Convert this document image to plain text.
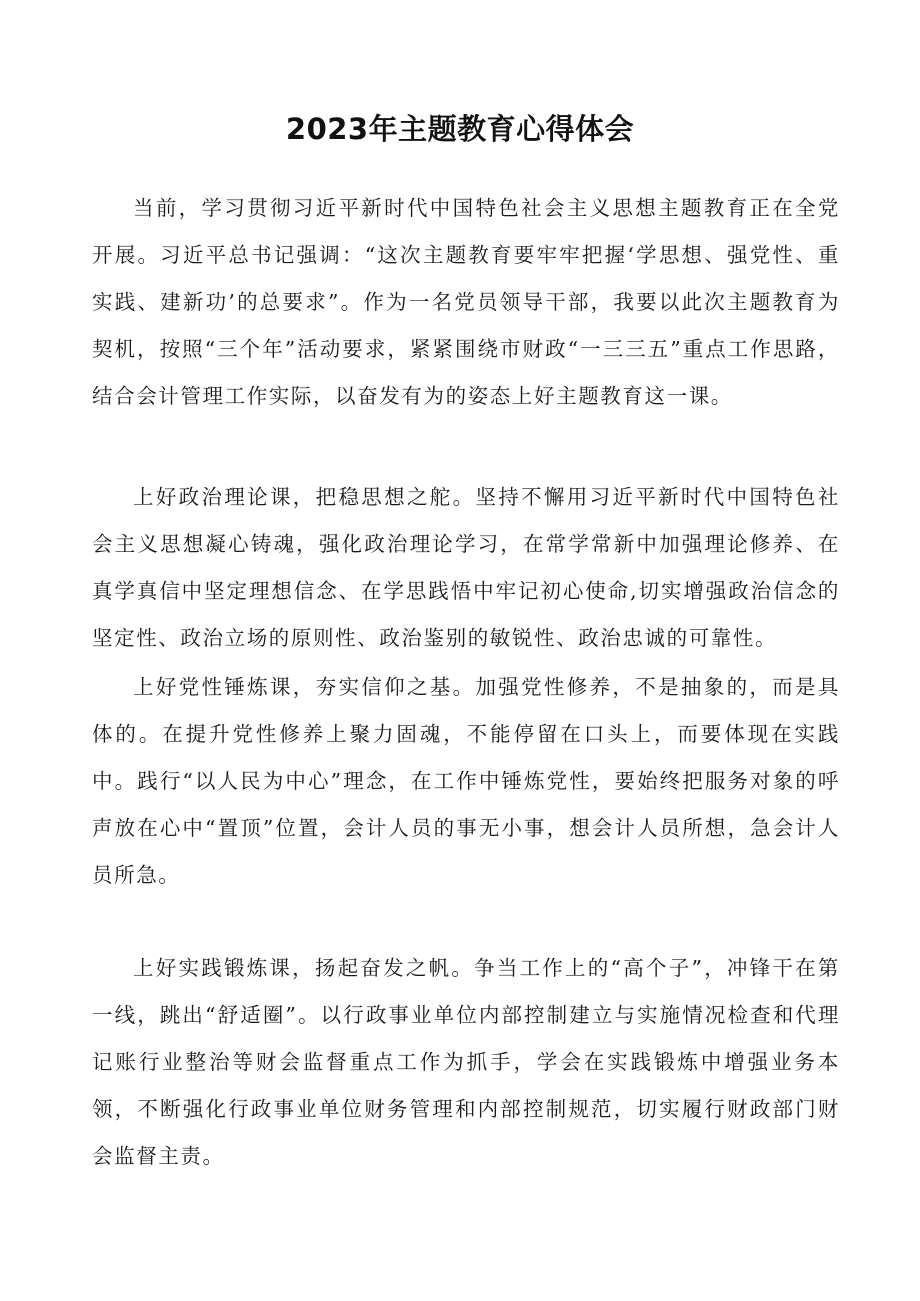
2023年主题教育心得体会

当前，学习贯彻习近平新时代中国特色社会主义思想主题教育正在全党开展。习近平总书记强调：“这次主题教育要牢牢把握‘学思想、强党性、重实践、建新功’的总要求”。作为一名党员领导干部，我要以此次主题教育为契机，按照“三个年”活动要求，紧紧围绕市财政“一三三五”重点工作思路，结合会计管理工作实际，以奋发有为的姿态上好主题教育这一课。

上好政治理论课，把稳思想之舵。坚持不懈用习近平新时代中国特色社会主义思想凝心铸魂，强化政治理论学习，在常学常新中加强理论修养、在真学真信中坚定理想信念、在学思践悟中牢记初心使命,切实增强政治信念的坚定性、政治立场的原则性、政治鉴别的敏锐性、政治忠诚的可靠性。

上好党性锤炼课，夯实信仰之基。加强党性修养，不是抽象的，而是具体的。在提升党性修养上聚力固魂，不能停留在口头上，而要体现在实践中。践行“以人民为中心”理念，在工作中锤炼党性，要始终把服务对象的呼声放在心中“置顶”位置，会计人员的事无小事，想会计人员所想，急会计人员所急。

上好实践锻炼课，扬起奋发之帆。争当工作上的“高个子”，冲锋干在第一线，跳出“舒适圈”。以行政事业单位内部控制建立与实施情况检查和代理记账行业整治等财会监督重点工作为抓手，学会在实践锻炼中增强业务本领，不断强化行政事业单位财务管理和内部控制规范，切实履行财政部门财会监督主责。
